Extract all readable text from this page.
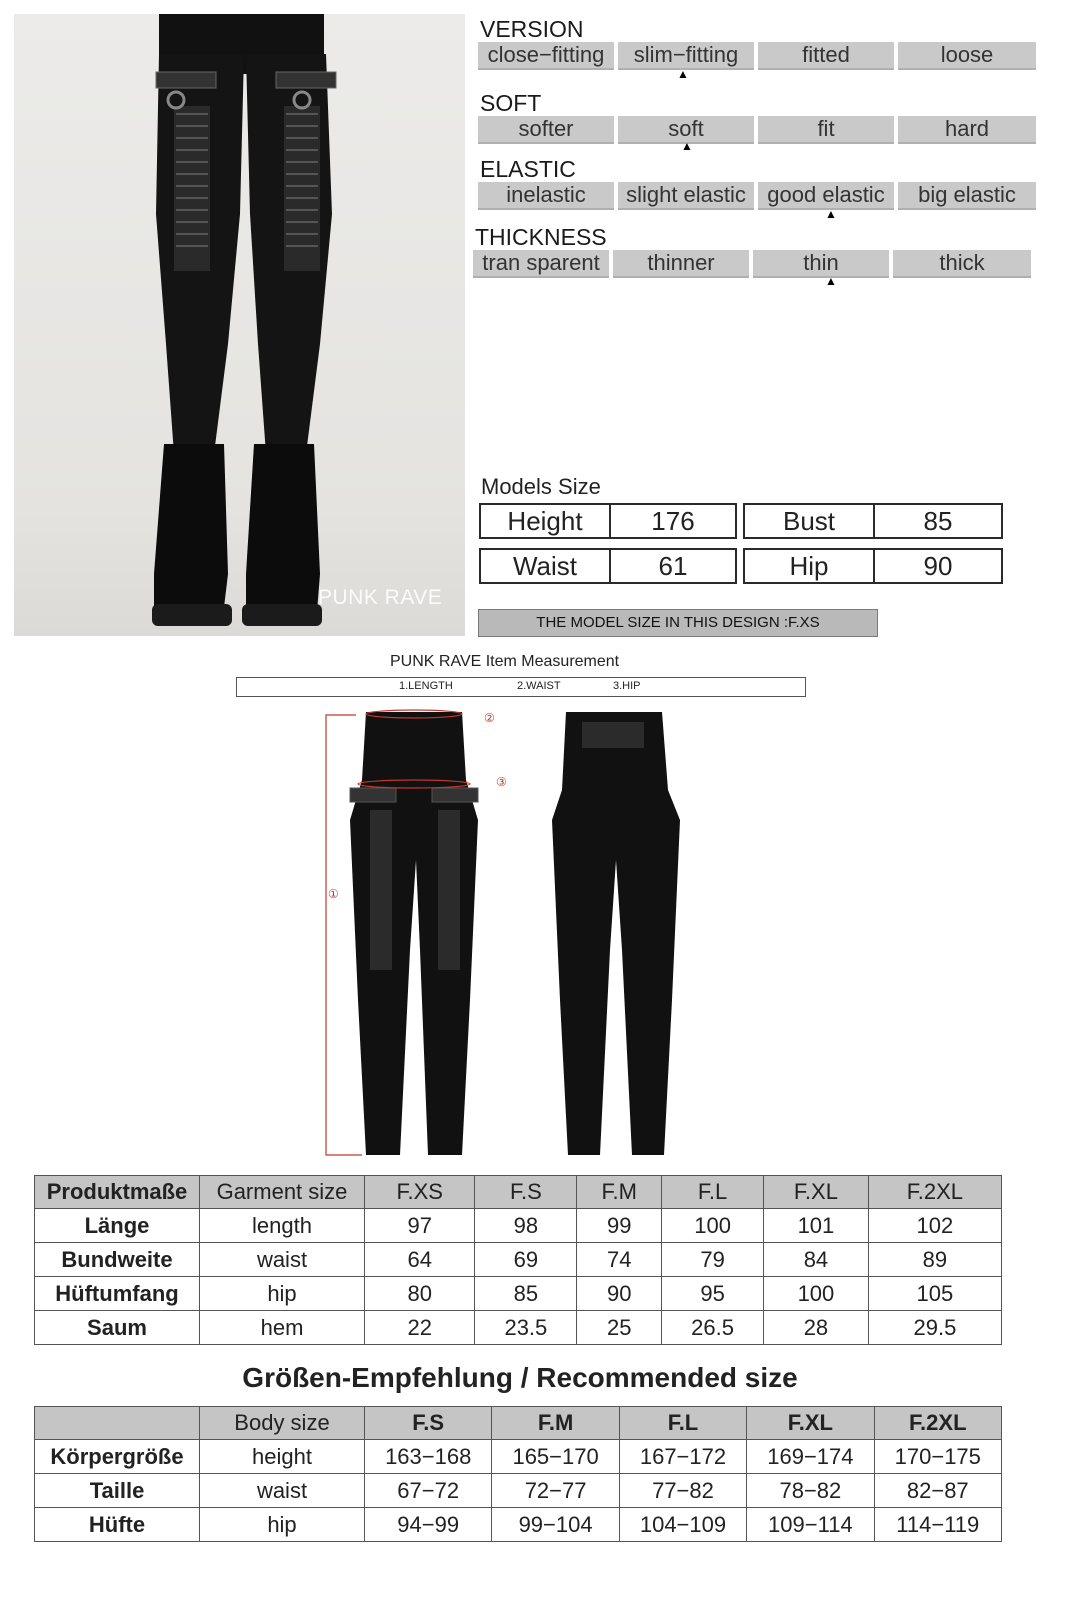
PUNK RAVE
VERSION
close−fitting	slim−fitting	fitted	loose
▲
SOFT
softer	soft	fit	hard
▲
ELASTIC
inelastic	slight elastic good elastic	big elastic
▲
THICKNESS
tran sparent	thinner	thin	thick
▲
Models Size
Height	176	Bust	85
Waist	61	Hip	90
THE MODEL SIZE IN THIS DESIGN :F.XS
PUNK RAVE Item Measurement
1.LENGTH	2.WAIST	3.HIP
①
②
③
Produktmaße	Garment size	F.XS	F.S	F.M	F.L	F.XL	F.2XL
Länge	length	97	98	99	100	101	102
Bundweite	waist	64	69	74	79	84	89
Hüftumfang	hip	80	85	90	95	100	105
Saum	hem	22	23.5	25	26.5	28	29.5
Größen-Empfehlung / Recommended size
	Body size	F.S	F.M	F.L	F.XL	F.2XL
Körpergröße	height	163−168	165−170	167−172	169−174	170−175
Taille	waist	67−72	72−77	77−82	78−82	82−87
Hüfte	hip	94−99	99−104	104−109	109−114	114−119
